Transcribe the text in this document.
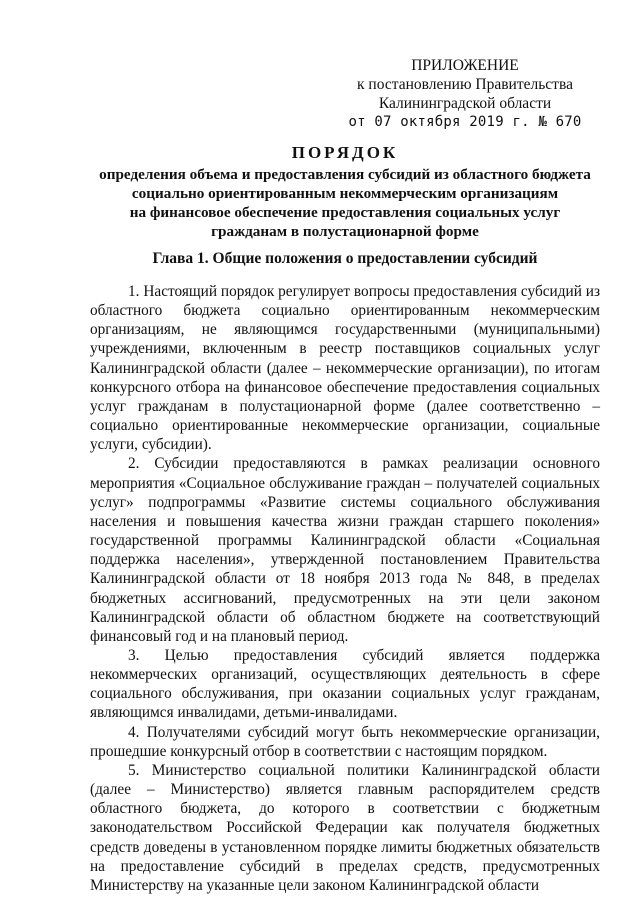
ПРИЛОЖЕНИЕ
к постановлению Правительства
Калининградской области
от 07 октября 2019 г. № 670
ПОРЯДОК
определения объема и предоставления субсидий из областного бюджета
социально ориентированным некоммерческим организациям
на финансовое обеспечение предоставления социальных услуг
гражданам в полустационарной форме
Глава 1. Общие положения о предоставлении субсидий

1. Настоящий порядок регулирует вопросы предоставления субсидий из областного бюджета социально ориентированным некоммерческим организациям, не являющимся государственными (муниципальными) учреждениями, включенным в реестр поставщиков социальных услуг Калининградской области (далее – некоммерческие организации), по итогам конкурсного отбора на финансовое обеспечение предоставления социальных услуг гражданам в полустационарной форме (далее соответственно – социально ориентированные некоммерческие организации, социальные услуги, субсидии).

2. Субсидии предоставляются в рамках реализации основного мероприятия «Социальное обслуживание граждан – получателей социальных услуг» подпрограммы «Развитие системы социального обслуживания населения и повышения качества жизни граждан старшего поколения» государственной программы Калининградской области «Социальная поддержка населения», утвержденной постановлением Правительства Калининградской области от 18 ноября 2013 года № 848, в пределах бюджетных ассигнований, предусмотренных на эти цели законом Калининградской области об областном бюджете на соответствующий финансовый год и на плановый период.

3. Целью предоставления субсидий является поддержка некоммерческих организаций, осуществляющих деятельность в сфере социального обслуживания, при оказании социальных услуг гражданам, являющимся инвалидами, детьми-инвалидами.

4. Получателями субсидий могут быть некоммерческие организации, прошедшие конкурсный отбор в соответствии с настоящим порядком.

5. Министерство социальной политики Калининградской области (далее – Министерство) является главным распорядителем средств областного бюджета, до которого в соответствии с бюджетным законодательством Российской Федерации как получателя бюджетных средств доведены в установленном порядке лимиты бюджетных обязательств на предоставление субсидий в пределах средств, предусмотренных Министерству на указанные цели законом Калининградской области
